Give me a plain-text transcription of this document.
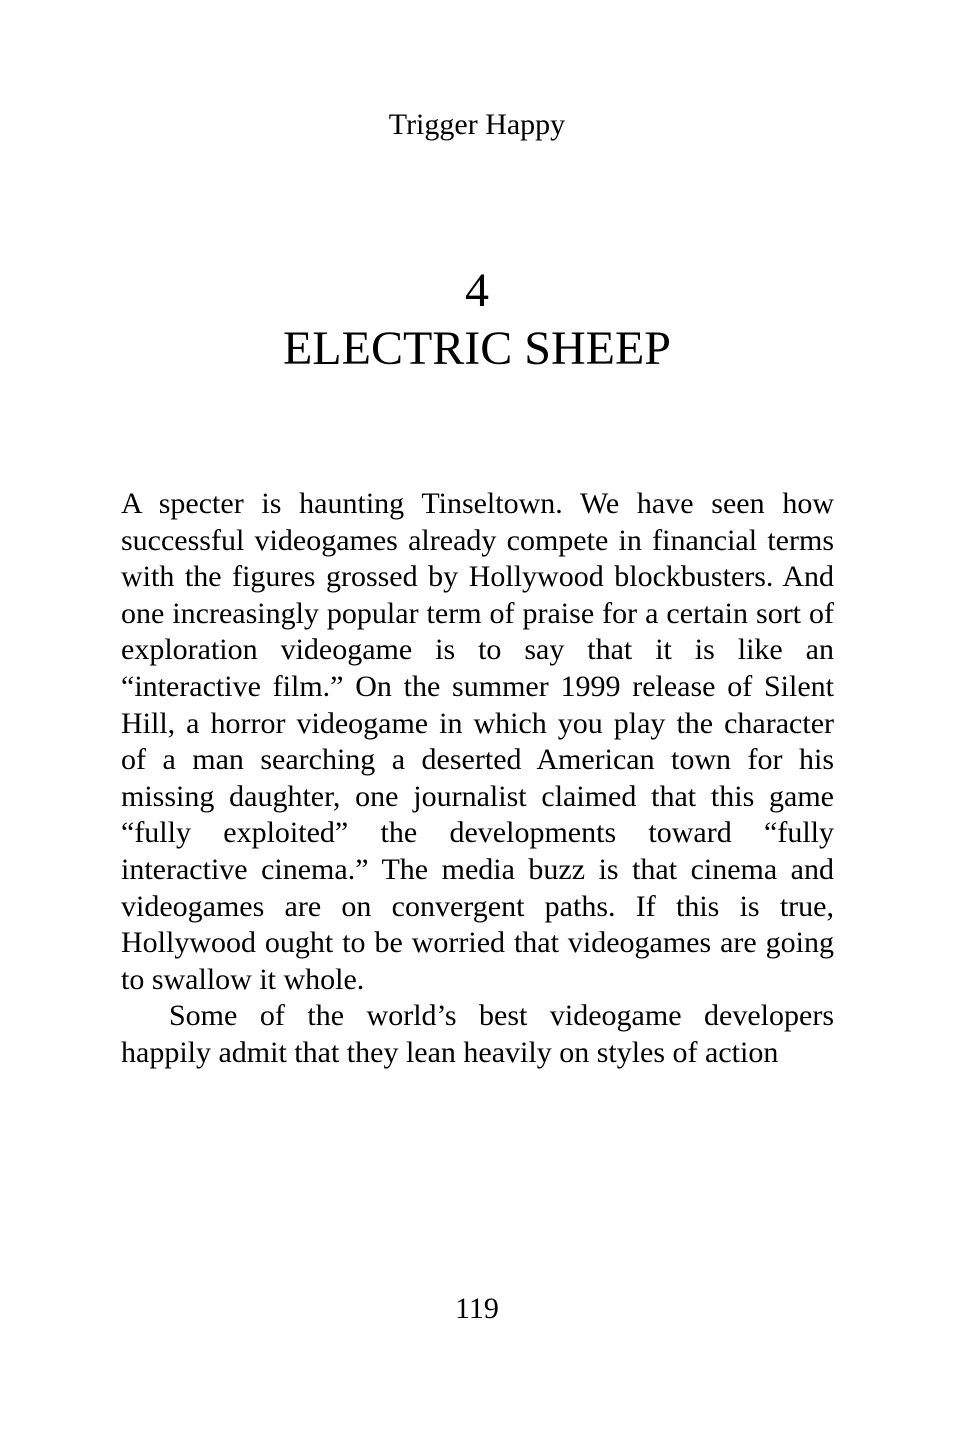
Trigger Happy
4
ELECTRIC SHEEP

A specter is haunting Tinseltown. We have seen how successful videogames already compete in financial terms with the figures grossed by Hollywood blockbusters. And one increasingly popular term of praise for a certain sort of exploration videogame is to say that it is like an “interactive film.” On the summer 1999 release of Silent Hill, a horror videogame in which you play the character of a man searching a deserted American town for his missing daughter, one journalist claimed that this game “fully exploited” the developments toward “fully interactive cinema.” The media buzz is that cinema and videogames are on convergent paths. If this is true, Hollywood ought to be worried that videogames are going to swallow it whole.

Some of the world’s best videogame developers happily admit that they lean heavily on styles of action

119
